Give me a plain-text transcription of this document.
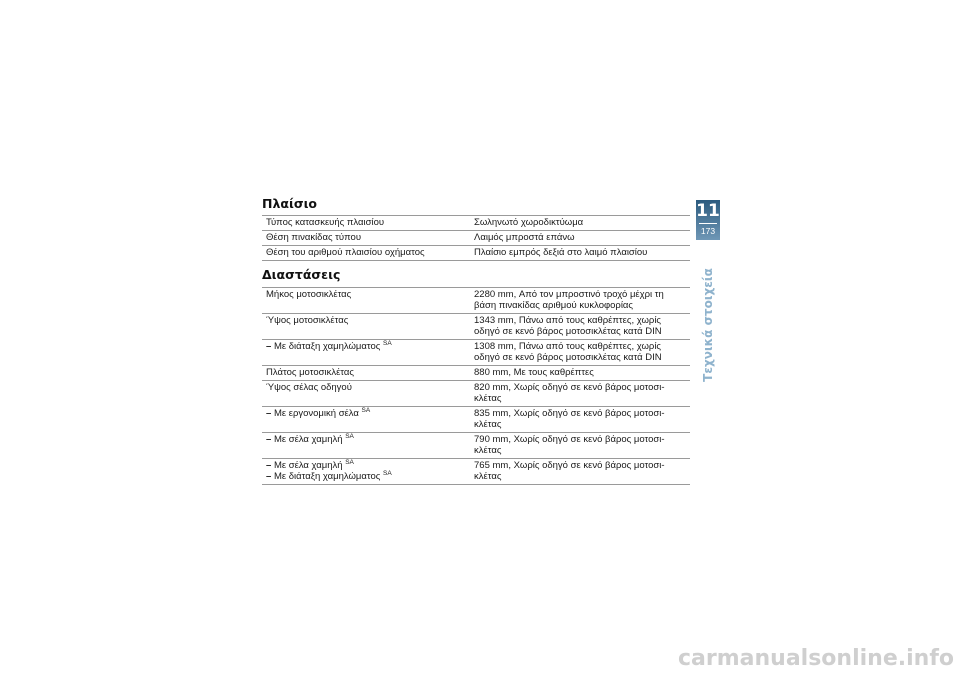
Πλαίσιο
Τύπος κατασκευής πλαισίου	Σωληνωτό χωροδικτύωμα
Θέση πινακίδας τύπου	Λαιμός μπροστά επάνω
Θέση του αριθμού πλαισίου οχήματος	Πλαίσιο εμπρός δεξιά στο λαιμό πλαισίου
Διαστάσεις
Μήκος μοτοσικλέτας	2280 mm, Από τον μπροστινό τροχό μέχρι τη
βάση πινακίδας αριθμού κυκλοφορίας

Ύψος μοτοσικλέτας	1343 mm, Πάνω από τους καθρέπτες, χωρίς
οδηγό σε κενό βάρος μοτοσικλέτας κατά DIN

– Με διάταξη χαμηλώματος $^{SA}$	1308 mm, Πάνω από τους καθρέπτες, χωρίς
οδηγό σε κενό βάρος μοτοσικλέτας κατά DIN

Πλάτος μοτοσικλέτας	880 mm, Με τους καθρέπτες

Ύψος σέλας οδηγού	820 mm, Χωρίς οδηγό σε κενό βάρος μοτοσι-
κλέτας

– Με εργονομική σέλα $^{SA}$	835 mm, Χωρίς οδηγό σε κενό βάρος μοτοσι-
κλέτας

– Με σέλα χαμηλή $^{SA}$	790 mm, Χωρίς οδηγό σε κενό βάρος μοτοσι-
κλέτας

– Με σέλα χαμηλή $^{SA}$
– Με διάταξη χαμηλώματος $^{SA}$	765 mm, Χωρίς οδηγό σε κενό βάρος μοτοσι-
κλέτας
11
173
Τεχνικά στοιχεία
carmanualsonline.info
